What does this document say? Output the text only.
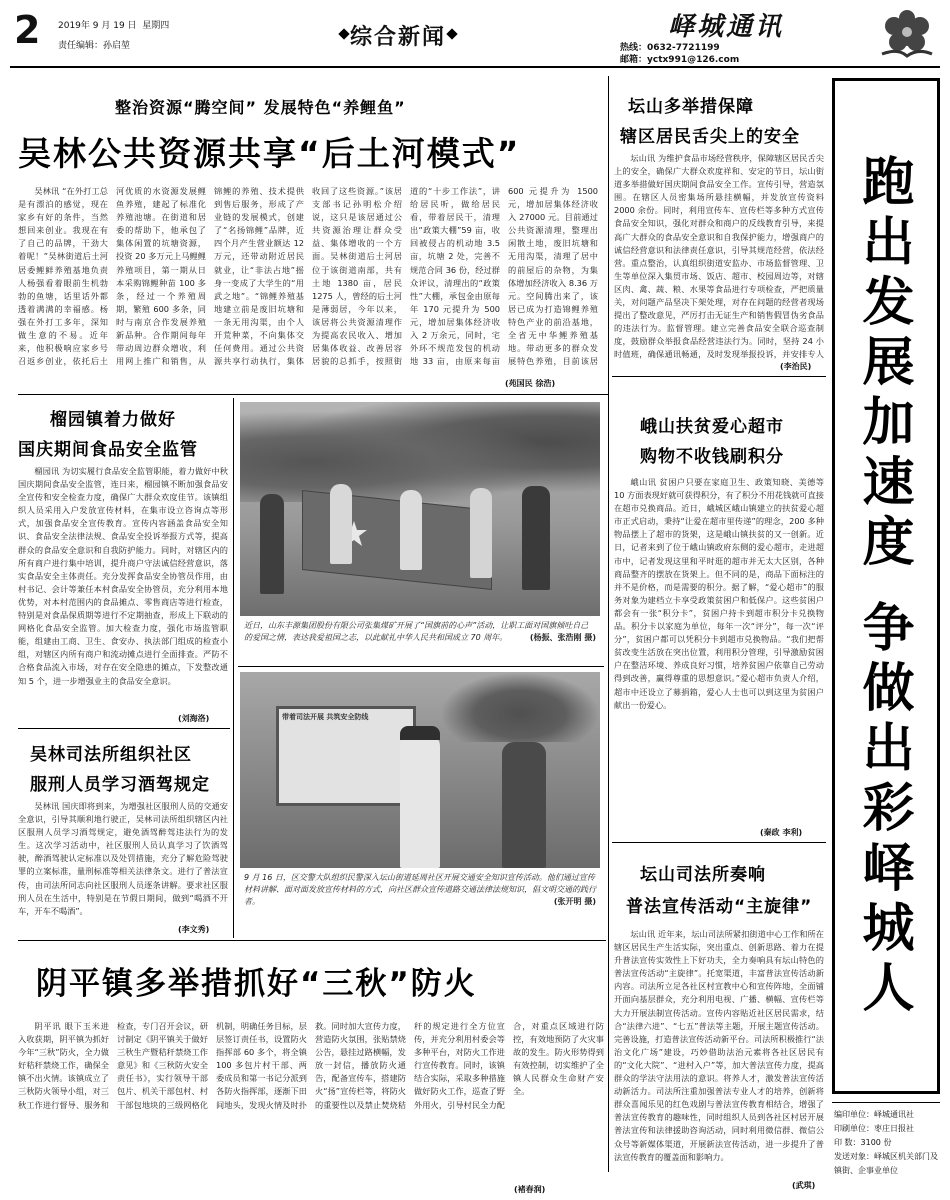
2 2019年 9 月 19 日 星期四
责任编辑：孙启堃	综合新闻	峄城通讯
热线：0632-7721199
邮箱：yctx991@126.com
跑出发展加速度 争做出彩峄城人
编印单位：峄城通讯社
印刷单位：枣庄日报社
印 数：3100 份
发送对象：峄城区机关部门及镇街、企事业单位
整治资源“腾空间” 发展特色“养鲤鱼”
吴林公共资源共享“后土河模式”

吴林讯 “在外打工总是有漂泊的感觉，现在家乡有好的条件，当然想回来创业。我现在有了自己的品牌，干劲大着呢！”吴林街道后土河居委鲤鲜养殖基地负责人杨强看着眼前生机勃勃的鱼塘，话里话外都透着满满的幸福感。杨强在外打工多年，深知做生意的不易。近年来，他积极响应家乡号召返乡创业，依托后土河优质的水资源发展鲤鱼养殖，建起了标准化养殖池塘。在街道和居委的帮助下，他承包了集体闲置的坑塘资源，投资 20 多万元上马鲤鲤养殖项目，第一期从日本采购锦鲤种苗 100 多条，经过一个养殖周期，繁殖 600 多条，同时与南京合作发展养殖新品种。合作期间每年带动周边群众增收，利用网上推广和销售，从锦鲤的养殖、技术提供到售后服务，形成了产业链的发展模式，创建了“名扬锦鲤”品牌，近四个月产生营业额达 12 万元，还带动附近居民就业，让“非法占地”摇身一变成了大学生的“用武之地”。“锦鲤养殖基地建立前是废旧坑塘和一条无用沟渠，由个人开荒种菜，不向集体交任何费用。通过公共资源共享行动执行，集体收回了这些资源。”该居支部书记孙明松介绍说，这只是该居通过公共资源治理让群众受益、集体增收的一个方面。吴林街道后土河居位于该街道南部，共有土地 1380 亩，居民 1275 人，曾经的后土河是薄弱居，今年以来，该居将公共资源清理作为提高农民收入、增加居集体收益、改善居容居貌的总抓手，按照街道的“十步工作法”，讲给居民听，做给居民看，带着居民干，清理出“政策大棚”59 亩，收回被侵占的机动地 3.5 亩，坑塘 2 处，完善不规范合同 36 份，经过群众评议，清理出的“政策性”大棚，承包金由原每年 170 元提升为 500 元，增加居集体经济收入 2 万余元，同时，宅外环不规范发包的机动地 33 亩，由原来每亩 600 元提升为 1500 元，增加居集体经济收入 27000 元。目前通过公共资源清理，整理出闲散土地，废旧坑塘和无用沟渠，清理了居中的前屋后的杂物，为集体增加经济收入 8.36 万元。空间腾出来了，该居已成为打造锦鲤养殖特色产业的前沿基地，全省无中华鲤养殖基地。带动更多的群众发展特色养殖，目前该居

(苑国民 徐浩)
坛山多举措保障
辖区居民舌尖上的安全

坛山讯 为维护食品市场经营秩序，保障辖区居民舌尖上的安全，确保广大群众欢度祥和、安定的节日，坛山街道多举措做好国庆期间食品安全工作。宣传引导，营造氛围。在辖区人员密集场所悬挂横幅，并发放宣传资料 2000 余份。同时，利用宣传车、宣传栏等多种方式宣传食品安全知识，强化对群众和商户的反线教育引导，来提高广大群众的食品安全意识和自我保护能力，增强商户的诚信经营意识和法律责任意识，引导其规范经营，依法经营。重点整治，认真组织街道安监办、市场监督管理、卫生等单位深入集贸市场、饭店、超市、校园周边等，对辖区肉、禽、蔬、粮、水果等食品进行专项检查，严把质量关，对问题产品坚决下架处理，对存在问题的经营者现场提出了整改意见，严厉打击无证生产和销售假冒伪劣食品的违法行为。监督管理。建立完善食品安全联合巡查制度，鼓励群众举报食品经营违法行为。同时，坚持 24 小时值班，确保通讯畅通，及时发现举报投诉，并安排专人

(李治民)
峨山扶贫爱心超市
购物不收钱刷积分

峨山讯 贫困户只要在家庭卫生、政策知晓、美德等 10 方面表现好就可获得积分，有了积分不用花钱就可直接在超市兑换商品。近日，峨城区峨山镇建立的扶贫爱心超市正式启动，秉持“让爱在超市里传递”的理念，200 多种物品摆上了超市的货架，这是峨山镇扶贫的又一创新。近日，记者来到了位于峨山镇政府东侧的爱心超市，走进超市中，记者发现这里和平时逛的超市并无太大区别，各种商品整齐的摆放在货架上。但不同的是，商品下面标注的并不是价格，而是需要的积分。据了解，“爱心超市”的服务对象为建档立卡享受政策贫困户和低保户。这些贫困户都会有一张“积分卡”，贫困户持卡到超市积分卡兑换物品。积分卡以家庭为单位，每年一次“评分”，每一次“评分”，贫困户都可以凭积分卡到超市兑换物品。“我们把帮贫改变生活放在突出位置，利用积分管理，引导激励贫困户在整洁环境、养成良好习惯，培养贫困户依靠自己劳动得到改善，赢得尊重的思想意识。”爱心超市负责人介绍，超市中还设立了募捐箱，爱心人士也可以到这里为贫困户献出一份爱心。

(秦政 李利)
坛山司法所奏响
普法宣传活动“主旋律”

坛山讯 近年来，坛山司法所紧扣街道中心工作和所在辖区居民生产生活实际，突出重点、创新思路、着力在提升普法宣传实效性上下好功夫，全力奏响具有坛山特色的普法宣传活动“主旋律”。托宽渠道，丰富普法宣传活动新内容。司法所立足各社区村宣教中心和宣传阵地，全面铺开面向基层群众，充分利用电视、广播、横幅、宣传栏等大力开展法制宣传活动。宣传内容贴近社区居民需求，结合“法律六进”、“七五”普法等主题，开展主题宣传活动。完善设施，打造普法宣传活动新平台。司法所积极推行“法治文化广场”建设，巧妙借助法治元素将各社区居民有的“文化大院”、“进村入户”等，加大普法宣传力度，提高群众的学法守法用法的意识。将养人才，激发普法宣传活动新活力。司法所注重加强普法专业人才的培养，创新将群众喜闻乐见的红色戏剧与普法宣传教育相结合，增强了普法宣传教育的趣味性，同时组织人员到各社区村居开展普法宣传和法律援助咨询活动，同时利用微信群、微信公众号等新媒体渠道，开展新法宣传活动，进一步提升了普法宣传教育的覆盖面和影响力。

(武琪)
榴园镇着力做好
国庆期间食品安全监管

榴园讯 为切实履行食品安全监管职能，着力做好中秋国庆期间食品安全监管，连日来，榴园镇不断加强食品安全宣传和安全检查力度，确保广大群众欢度佳节。该镇组织人员采用入户发放宣传材料，在集市设立咨询点等形式，加强食品安全宣传教育。宣传内容涵盖食品安全知识、食品安全法律法规、食品安全投诉举报方式等，提高群众的食品安全意识和自我防护能力。同时，对辖区内的所有商户进行集中培训，提升商户守法诚信经营意识，落实食品安全主体责任。充分发挥食品安全协管员作用，由村书记、会计等兼任本村食品安全协管员，充分利用本地优势，对本村范围内的食品摊点、零售商店等进行检查，特别是对食品保质期等进行不定期抽查，形成上下联动的网格化食品安全监管。加大检查力度，强化市场监管职能，组建由工商、卫生、食安办、执法部门组成的检查小组，对辖区内所有商户和流动摊点进行全面排查。严防不合格食品流入市场，对存在安全隐患的摊点，下发整改通知 5 个，进一步增强业主的食品安全意识。

(刘海洛)
吴林司法所组织社区
服刑人员学习酒驾规定

吴林讯 国庆即将到来，为增强社区服刑人员的交通安全意识，引导其顺利地行驶正，吴林司法所组织辖区内社区服刑人员学习酒驾规定，避免酒驾醉驾违法行为的发生。这次学习活动中，社区服刑人员认真学习了饮酒驾驶，醉酒驾驶认定标准以及处罚措施，充分了解危险驾驶罪的立案标准，量刑标准等相关法律条文。进行了普法宣传，由司法所同志向社区服刑人员逐条讲解。要求社区服刑人员在生活中，特别是在节假日期间，做到“喝酒不开车，开车不喝酒”。

(李文秀)
近日，山东丰源集团股份有限公司张集煤矿开展了“国旗前的心声”活动，让职工面对国旗倾吐自己的爱国之情，表达我爱祖国之志，以此献礼中华人民共和国成立 70 周年。	(杨振、张浩刚 摄)
带着司法开展 共筑安全防线
9 月 16 日，区交警大队组织民警深入坛山街道延周社区开展交通安全知识宣传活动。他们通过宣传材料讲解、面对面发放宣传材料的方式，向社区群众宣传道路交通法律法规知识，倡文明交通的践行者。	(张开明 摄)
阴平镇多举措抓好“三秋”防火

阴平讯 眼下玉米进入收获期，阴平镇为抓好今年“三秋”防火，全力做好秸秆禁烧工作，确保全镇不出火情。该镇成立了三秋防火领导小组，对三秋工作进行督导、服务和检查，专门召开会议，研讨制定《阴平镇关于做好三秋生产暨秸秆禁烧工作意见》和《三秋防火安全责任书》，实行领导干部包片、机关干部包村、村干部包地块的三级网格化机制，明确任务目标，层层签订责任书，设置防火指挥部 60 多个，将全镇 100 多包片村干部、两委成员和第一书记分派到各防火指挥部，逐渐下田间地头，发现火情及时扑救。同时加大宣传力度，营造防火氛围，张贴禁烧公告，悬挂过路横幅，发放一封信，播放防火通告，配备宣传车，搭建防火“扬”宣传栏等，将防火的重要性以及禁止焚烧秸秆的规定进行全方位宣传，并充分利用村委会等多种平台，对防火工作进行宣传教育。同时，该镇结合实际，采取多种措施做好防火工作，巡查了野外用火，引导村民全力配合，对重点区域进行防控，有效地预防了火灾事故的发生。防火形势得到有效控制，切实维护了全镇人民群众生命财产安全。

(褚春润)
